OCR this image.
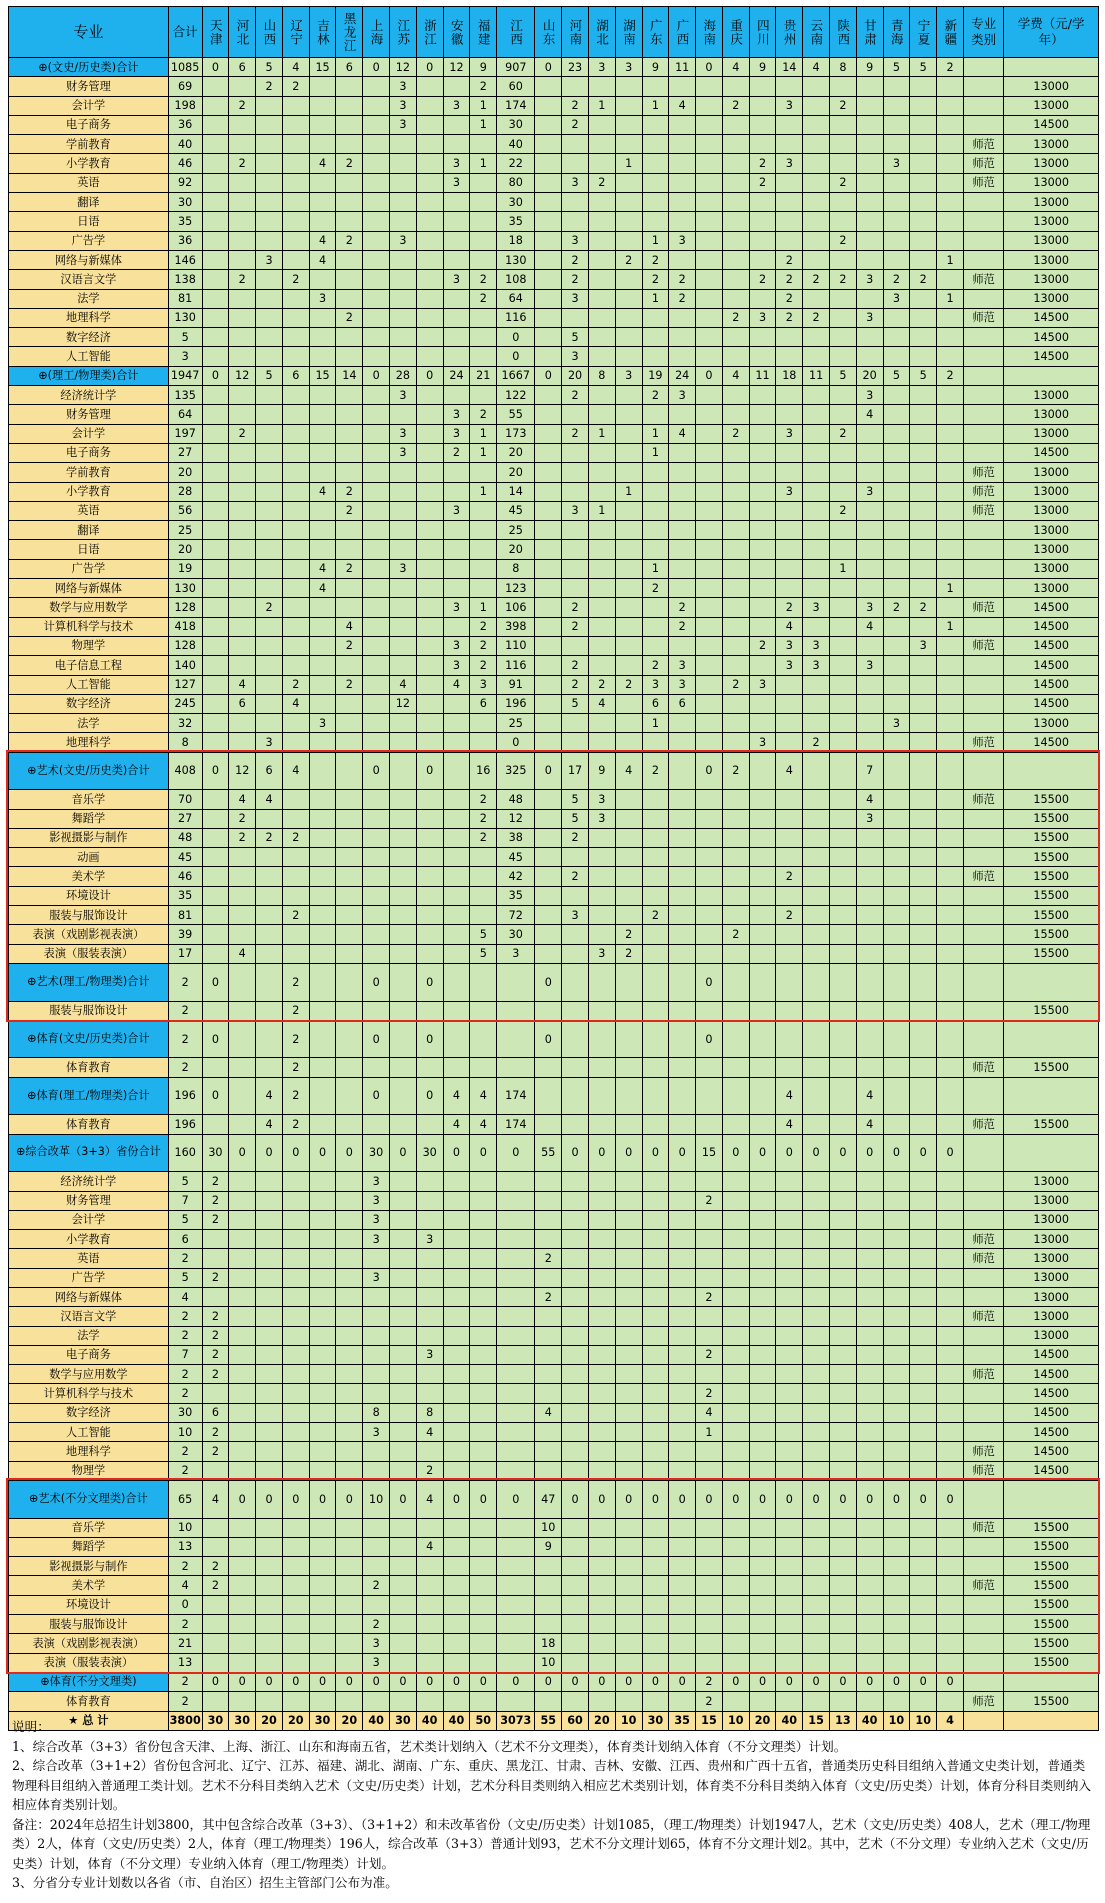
专业	合计	天津	河北	山西	辽宁	吉林	黑龙江	上海	江苏	浙江	安徽	福建	江西	山东	河南	湖北	湖南	广东	广西	海南	重庆	四川	贵州	云南	陕西	甘肃	青海	宁夏	新疆	专业类别	学费（元/学年）
⊕(文史/历史类)合计	1085	0	6	5	4	15	6	0	12	0	12	9	907	0	23	3	3	9	11	0	4	9	14	4	8	9	5	5	2		
财务管理	69			2	2				3			2	60																		13000
会计学	198		2						3		3	1	174		2	1		1	4		2		3		2						13000
电子商务	36								3			1	30		2																14500
学前教育	40												40																	师范	13000
小学教育	46		2			4	2				3	1	22				1					2	3				3			师范	13000
英语	92										3		80		3	2						2			2					师范	13000
翻译	30												30																		13000
日语	35												35																		13000
广告学	36					4	2		3				18		3			1	3						2						13000
网络与新媒体	146			3		4							130		2		2	2					2						1		13000
汉语言文学	138		2		2						3	2	108		2			2	2			2	2	2	2	3	2	2		师范	13000
法学	81					3						2	64		3			1	2				2				3		1		13000
地理科学	130						2						116								2	3	2	2		3				师范	14500
数字经济	5												0		5																14500
人工智能	3												0		3																14500
⊕(理工/物理类)合计	1947	0	12	5	6	15	14	0	28	0	24	21	1667	0	20	8	3	19	24	0	4	11	18	11	5	20	5	5	2		
经济统计学	135								3				122		2			2	3							3					13000
财务管理	64										3	2	55													4					13000
会计学	197		2						3		3	1	173		2	1		1	4		2		3		2						13000
电子商务	27								3		2	1	20					1													14500
学前教育	20												20																	师范	13000
小学教育	28					4	2					1	14				1						3			3				师范	13000
英语	56						2				3		45		3	1									2					师范	13000
翻译	25												25																		13000
日语	20												20																		13000
广告学	19					4	2		3				8					1							1						13000
网络与新媒体	130					4							123					2											1		13000
数学与应用数学	128			2							3	1	106		2				2				2	3		3	2	2		师范	14500
计算机科学与技术	418						4					2	398		2				2				4			4			1		14500
物理学	128						2				3	2	110									2	3	3				3		师范	14500
电子信息工程	140										3	2	116		2			2	3				3	3		3					14500
人工智能	127		4		2		2		4		4	3	91		2	2	2	3	3		2	3									14500
数字经济	245		6		4				12			6	196		5	4		6	6												14500
法学	32					3							25					1									3				13000
地理科学	8			3									0									3		2						师范	14500
⊕艺术(文史/历史类)合计	408	0	12	6	4			0		0		16	325	0	17	9	4	2		0	2		4			7					
音乐学	70		4	4								2	48		5	3										4				师范	15500
舞蹈学	27		2									2	12		5	3										3					15500
影视摄影与制作	48		2	2	2							2	38		2																15500
动画	45												45																		15500
美术学	46												42		2								2							师范	15500
环境设计	35												35																		15500
服装与服饰设计	81				2								72		3			2					2								15500
表演（戏剧影视表演）	39											5	30				2				2										15500
表演（服装表演）	17		4									5	3			3	2														15500
⊕艺术(理工/物理类)合计	2	0			2			0		0				0						0											
服装与服饰设计	2				2																										15500
⊕体育(文史/历史类)合计	2	0			2			0		0				0						0											
体育教育	2				2																									师范	15500
⊕体育(理工/物理类)合计	196	0		4	2			0		0	4	4	174										4			4					
体育教育	196			4	2						4	4	174										4			4				师范	15500
⊕综合改革（3+3）省份合计	160	30	0	0	0	0	0	30	0	30	0	0	0	55	0	0	0	0	0	15	0	0	0	0	0	0	0	0	0		
经济统计学	5	2						3																							13000
财务管理	7	2						3												2											13000
会计学	5	2						3																							13000
小学教育	6							3		3																				师范	13000
英语	2													2																师范	13000
广告学	5	2						3																							13000
网络与新媒体	4													2						2											13000
汉语言文学	2	2																												师范	13000
法学	2	2																													13000
电子商务	7	2								3										2											14500
数学与应用数学	2	2																												师范	14500
计算机科学与技术	2																			2											14500
数字经济	30	6						8		8				4						4											14500
人工智能	10	2						3		4										1											14500
地理科学	2	2																												师范	14500
物理学	2									2																				师范	14500
⊕艺术(不分文理类)合计	65	4	0	0	0	0	0	10	0	4	0	0	0	47	0	0	0	0	0	0	0	0	0	0	0	0	0	0	0		
音乐学	10													10																师范	15500
舞蹈学	13									4				9																	15500
影视摄影与制作	2	2																													15500
美术学	4	2						2																						师范	15500
环境设计	0																														15500
服装与服饰设计	2							2																							15500
表演（戏剧影视表演）	21							3						18																	15500
表演（服装表演）	13							3						10																	15500
⊕体育(不分文理类)	2	0	0	0	0	0	0	0	0	0	0	0	0	0	0	0	0	0	0	2	0	0	0	0	0	0	0	0	0		
体育教育	2																			2										师范	15500
★ 总 计	3800	30	30	20	20	30	20	40	30	40	40	50	3073	55	60	20	10	30	35	15	10	20	40	15	13	40	10	10	4		

说明：

1、综合改革（3+3）省份包含天津、上海、浙江、山东和海南五省，艺术类计划纳入（艺术不分文理类），体育类计划纳入体育（不分文理类）计划。

2、综合改革（3+1+2）省份包含河北、辽宁、江苏、福建、湖北、湖南、广东、重庆、黑龙江、甘肃、吉林、安徽、江西、贵州和广西十五省，普通类历史科目组纳入普通文史类计划，普通类物理科目组纳入普通理工类计划。艺术不分科目类纳入艺术（文史/历史类）计划，艺术分科目类则纳入相应艺术类别计划，体育类不分科目类纳入体育（文史/历史类）计划，体育分科目类则纳入相应体育类别计划。

备注：2024年总招生计划3800，其中包含综合改革（3+3）、（3+1+2）和未改革省份（文史/历史类）计划1085，（理工/物理类）计划1947人，艺术（文史/历史类）408人，艺术（理工/物理类）2人，体育（文史/历史类）2人，体育（理工/物理类）196人，综合改革（3+3）普通计划93，艺术不分文理计划65，体育不分文理计划2。其中，艺术（不分文理）专业纳入艺术（文史/历史类）计划，体育（不分文理）专业纳入体育（理工/物理类）计划。

3、分省分专业计划数以各省（市、自治区）招生主管部门公布为准。
